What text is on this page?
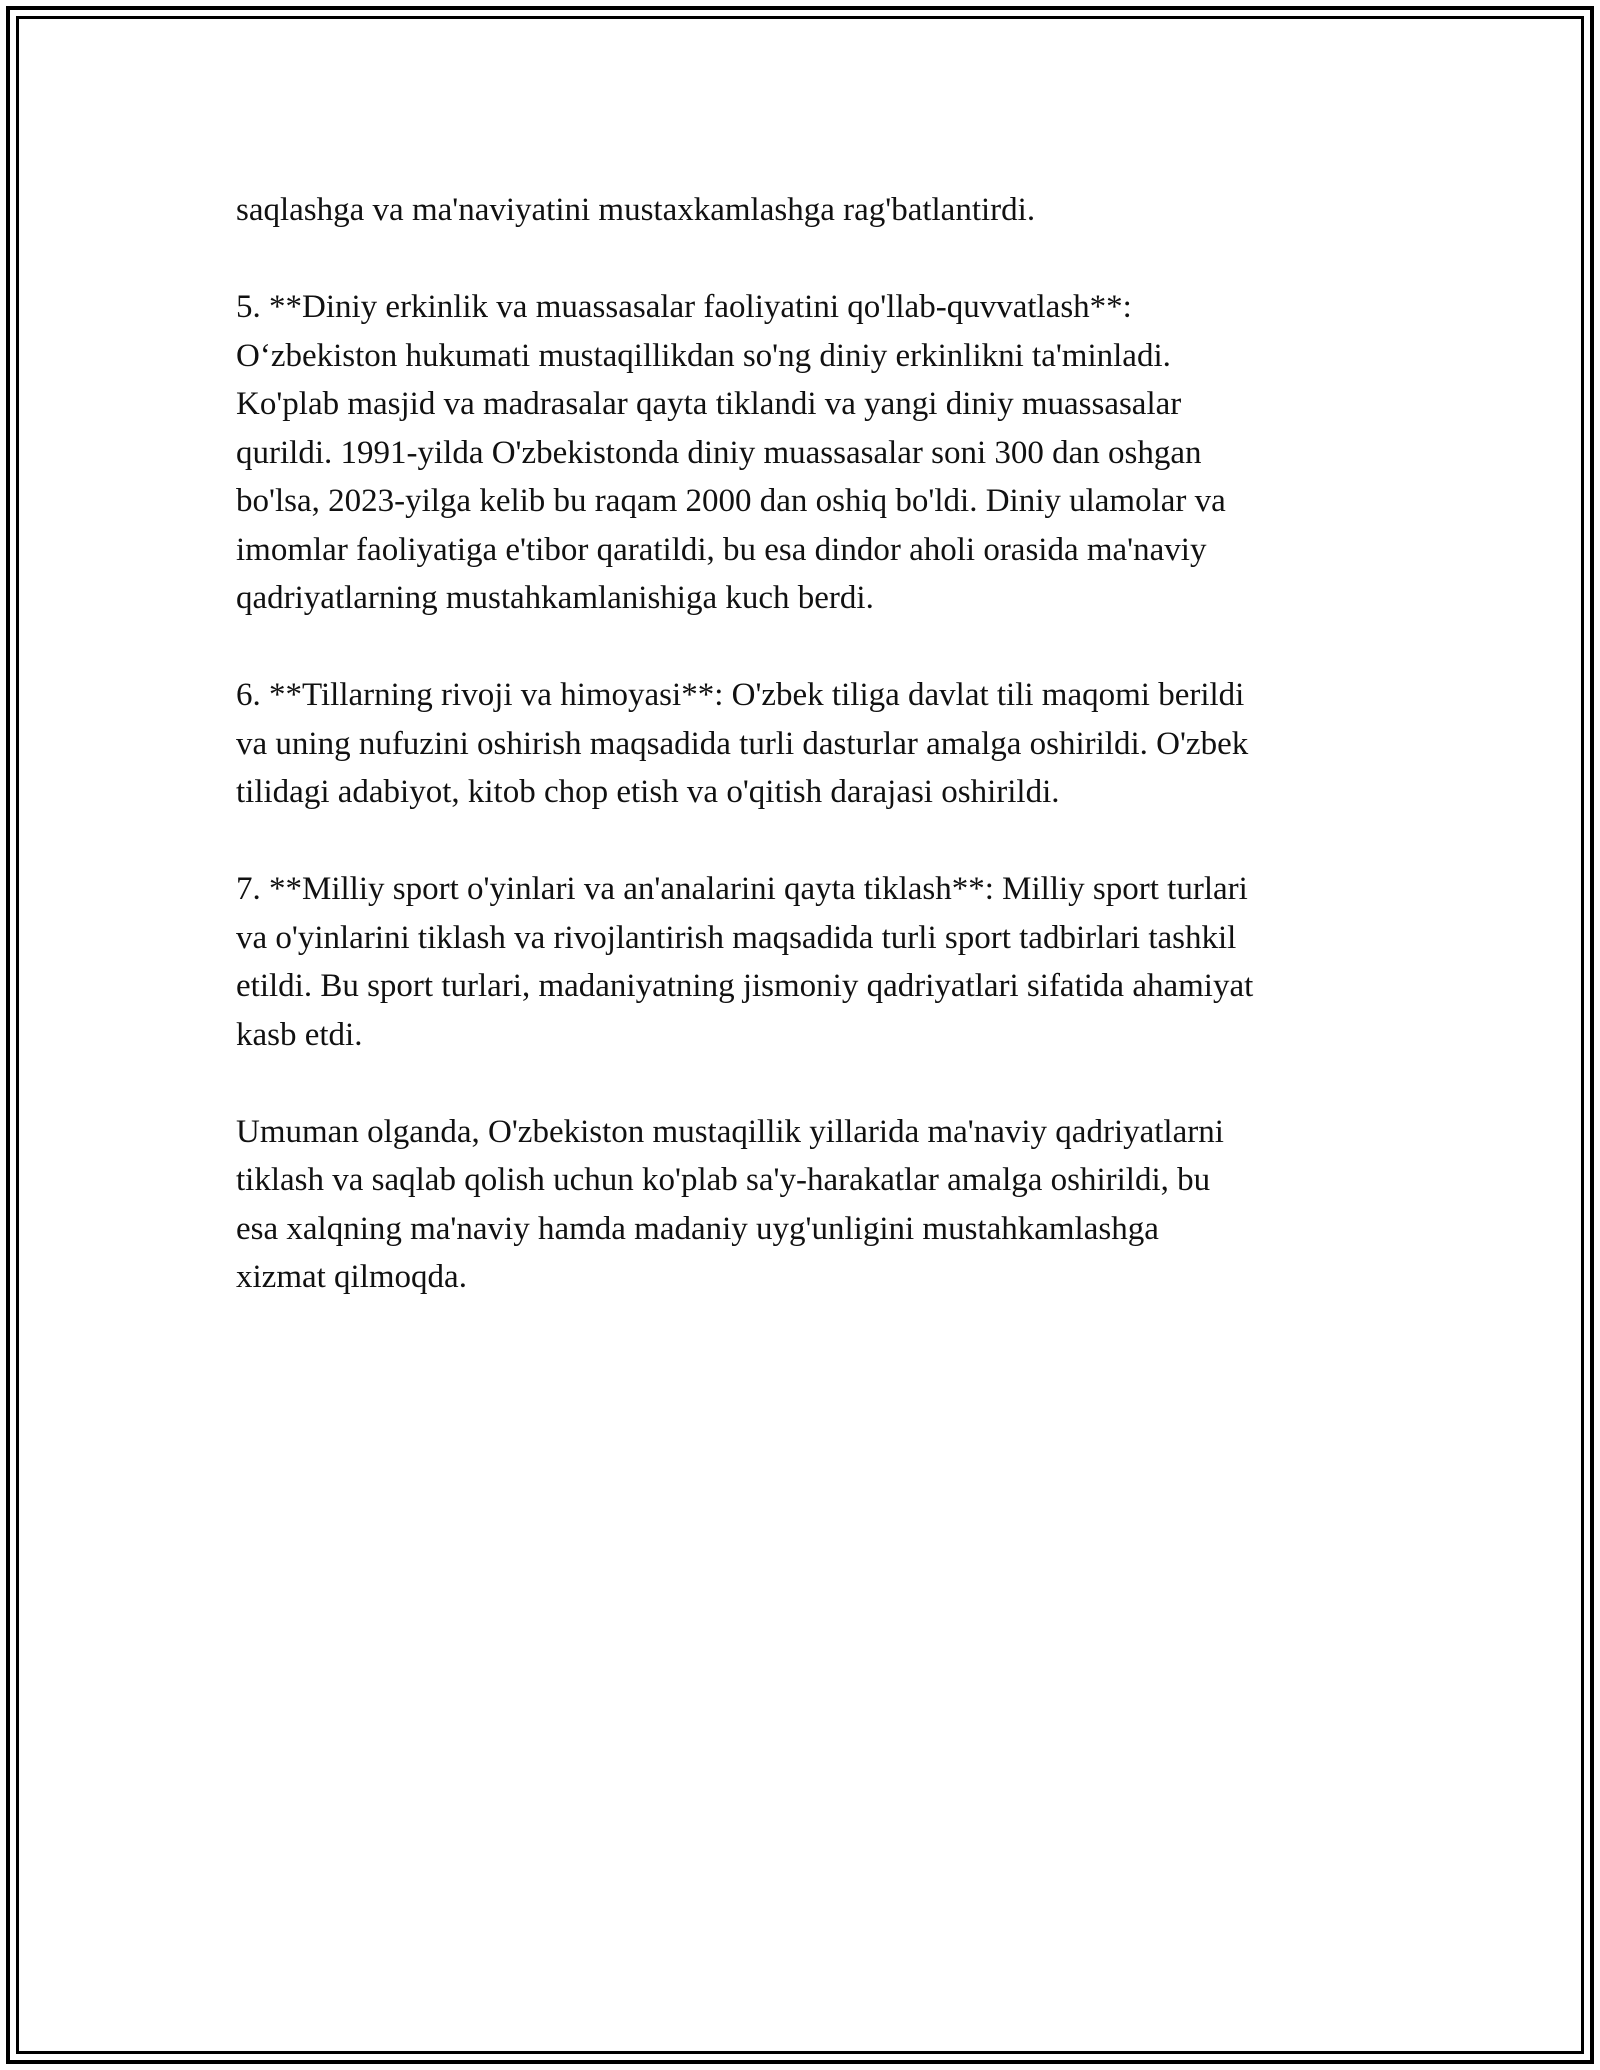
saqlashga va ma'naviyatini mustaxkamlashga rag'batlantirdi.

5. **Diniy erkinlik va muassasalar faoliyatini qo'llab-quvvatlash**:
O‘zbekiston hukumati mustaqillikdan so'ng diniy erkinlikni ta'minladi.
Ko'plab masjid va madrasalar qayta tiklandi va yangi diniy muassasalar
qurildi. 1991-yilda O'zbekistonda diniy muassasalar soni 300 dan oshgan
bo'lsa, 2023-yilga kelib bu raqam 2000 dan oshiq bo'ldi. Diniy ulamolar va
imomlar faoliyatiga e'tibor qaratildi, bu esa dindor aholi orasida ma'naviy
qadriyatlarning mustahkamlanishiga kuch berdi.

6. **Tillarning rivoji va himoyasi**: O'zbek tiliga davlat tili maqomi berildi
va uning nufuzini oshirish maqsadida turli dasturlar amalga oshirildi. O'zbek
tilidagi adabiyot, kitob chop etish va o'qitish darajasi oshirildi.

7. **Milliy sport o'yinlari va an'analarini qayta tiklash**: Milliy sport turlari
va o'yinlarini tiklash va rivojlantirish maqsadida turli sport tadbirlari tashkil
etildi. Bu sport turlari, madaniyatning jismoniy qadriyatlari sifatida ahamiyat
kasb etdi.

Umuman olganda, O'zbekiston mustaqillik yillarida ma'naviy qadriyatlarni
tiklash va saqlab qolish uchun ko'plab sa'y-harakatlar amalga oshirildi, bu
esa xalqning ma'naviy hamda madaniy uyg'unligini mustahkamlashga
xizmat qilmoqda.
